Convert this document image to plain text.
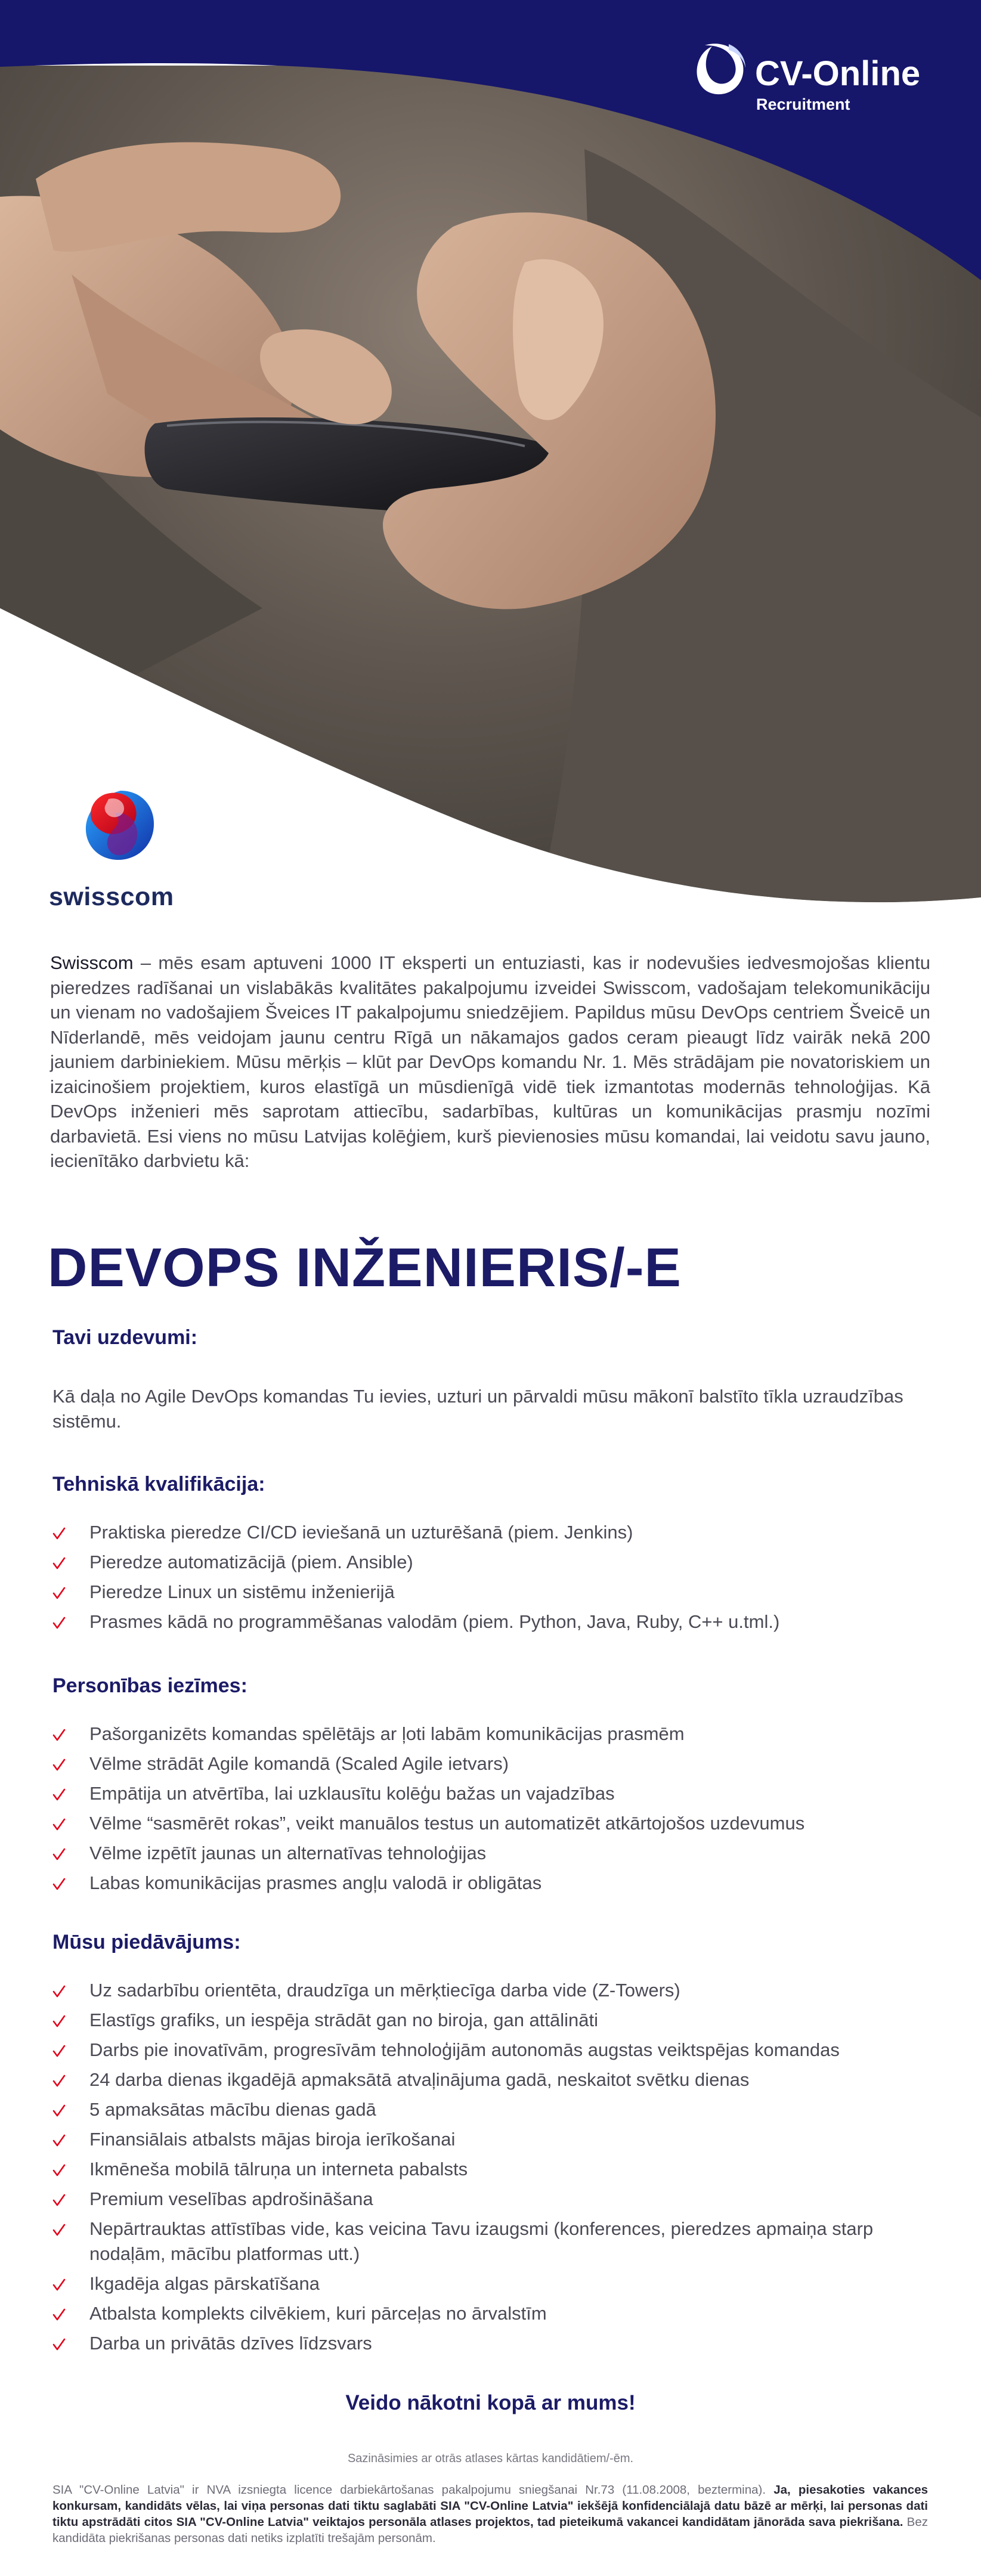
CV-Online
Recruitment
swisscom

Swisscom – mēs esam aptuveni 1000 IT eksperti un entuziasti, kas ir nodevušies iedvesmojošas klientu pieredzes radīšanai un vislabākās kvalitātes pakalpojumu izveidei Swisscom, vadošajam telekomunikāciju un vienam no vadošajiem Šveices IT pakalpojumu sniedzējiem. Papildus mūsu DevOps centriem Šveicē un Nīderlandē, mēs veidojam jaunu centru Rīgā un nākamajos gados ceram pieaugt līdz vairāk nekā 200 jauniem darbiniekiem. Mūsu mērķis – klūt par DevOps komandu Nr. 1. Mēs strādājam pie novatoriskiem un izaicinošiem projektiem, kuros elastīgā un mūsdienīgā vidē tiek izmantotas modernās tehnoloģijas. Kā DevOps inženieri mēs saprotam attiecību, sadarbības, kultūras un komunikācijas prasmju nozīmi darbavietā. Esi viens no mūsu Latvijas kolēģiem, kurš pievienosies mūsu komandai, lai veidotu savu jauno, iecienītāko darbvietu kā:

DEVOPS INŽENIERIS/-E
Tavi uzdevumi:

Kā daļa no Agile DevOps komandas Tu ievies, uzturi un pārvaldi mūsu mākonī balstīto tīkla uzraudzības sistēmu.

Tehniskā kvalifikācija:
Praktiska pieredze CI/CD ieviešanā un uzturēšanā (piem. Jenkins)
Pieredze automatizācijā (piem. Ansible)
Pieredze Linux un sistēmu inženierijā
Prasmes kādā no programmēšanas valodām (piem. Python, Java, Ruby, C++ u.tml.)
Personības iezīmes:
Pašorganizēts komandas spēlētājs ar ļoti labām komunikācijas prasmēm
Vēlme strādāt Agile komandā (Scaled Agile ietvars)
Empātija un atvērtība, lai uzklausītu kolēģu bažas un vajadzības
Vēlme “sasmērēt rokas”, veikt manuālos testus un automatizēt atkārtojošos uzdevumus
Vēlme izpētīt jaunas un alternatīvas tehnoloģijas
Labas komunikācijas prasmes angļu valodā ir obligātas
Mūsu piedāvājums:
Uz sadarbību orientēta, draudzīga un mērķtiecīga darba vide (Z-Towers)
Elastīgs grafiks, un iespēja strādāt gan no biroja, gan attālināti
Darbs pie inovatīvām, progresīvām tehnoloģijām autonomās augstas veiktspējas komandas
24 darba dienas ikgadējā apmaksātā atvaļinājuma gadā, neskaitot svētku dienas
5 apmaksātas mācību dienas gadā
Finansiālais atbalsts mājas biroja ierīkošanai
Ikmēneša mobilā tālruņa un interneta pabalsts
Premium veselības apdrošināšana
Nepārtrauktas attīstības vide, kas veicina Tavu izaugsmi (konferences, pieredzes apmaiņa starp nodaļām, mācību platformas utt.)
Ikgadēja algas pārskatīšana
Atbalsta komplekts cilvēkiem, kuri pārceļas no ārvalstīm
Darba un privātās dzīves līdzsvars
Veido nākotni kopā ar mums!
Sazināsimies ar otrās atlases kārtas kandidātiem/-ēm.

SIA "CV-Online Latvia" ir NVA izsniegta licence darbiekārtošanas pakalpojumu sniegšanai Nr.73 (11.08.2008, beztermina). Ja, piesakoties vakances konkursam, kandidāts vēlas, lai viņa personas dati tiktu saglabāti SIA "CV-Online Latvia" iekšējā konfidenciālajā datu bāzē ar mērķi, lai personas dati tiktu apstrādāti citos SIA "CV-Online Latvia" veiktajos personāla atlases projektos, tad pieteikumā vakancei kandidātam jānorāda sava piekrišana. Bez kandidāta piekrišanas personas dati netiks izplatīti trešajām personām.
